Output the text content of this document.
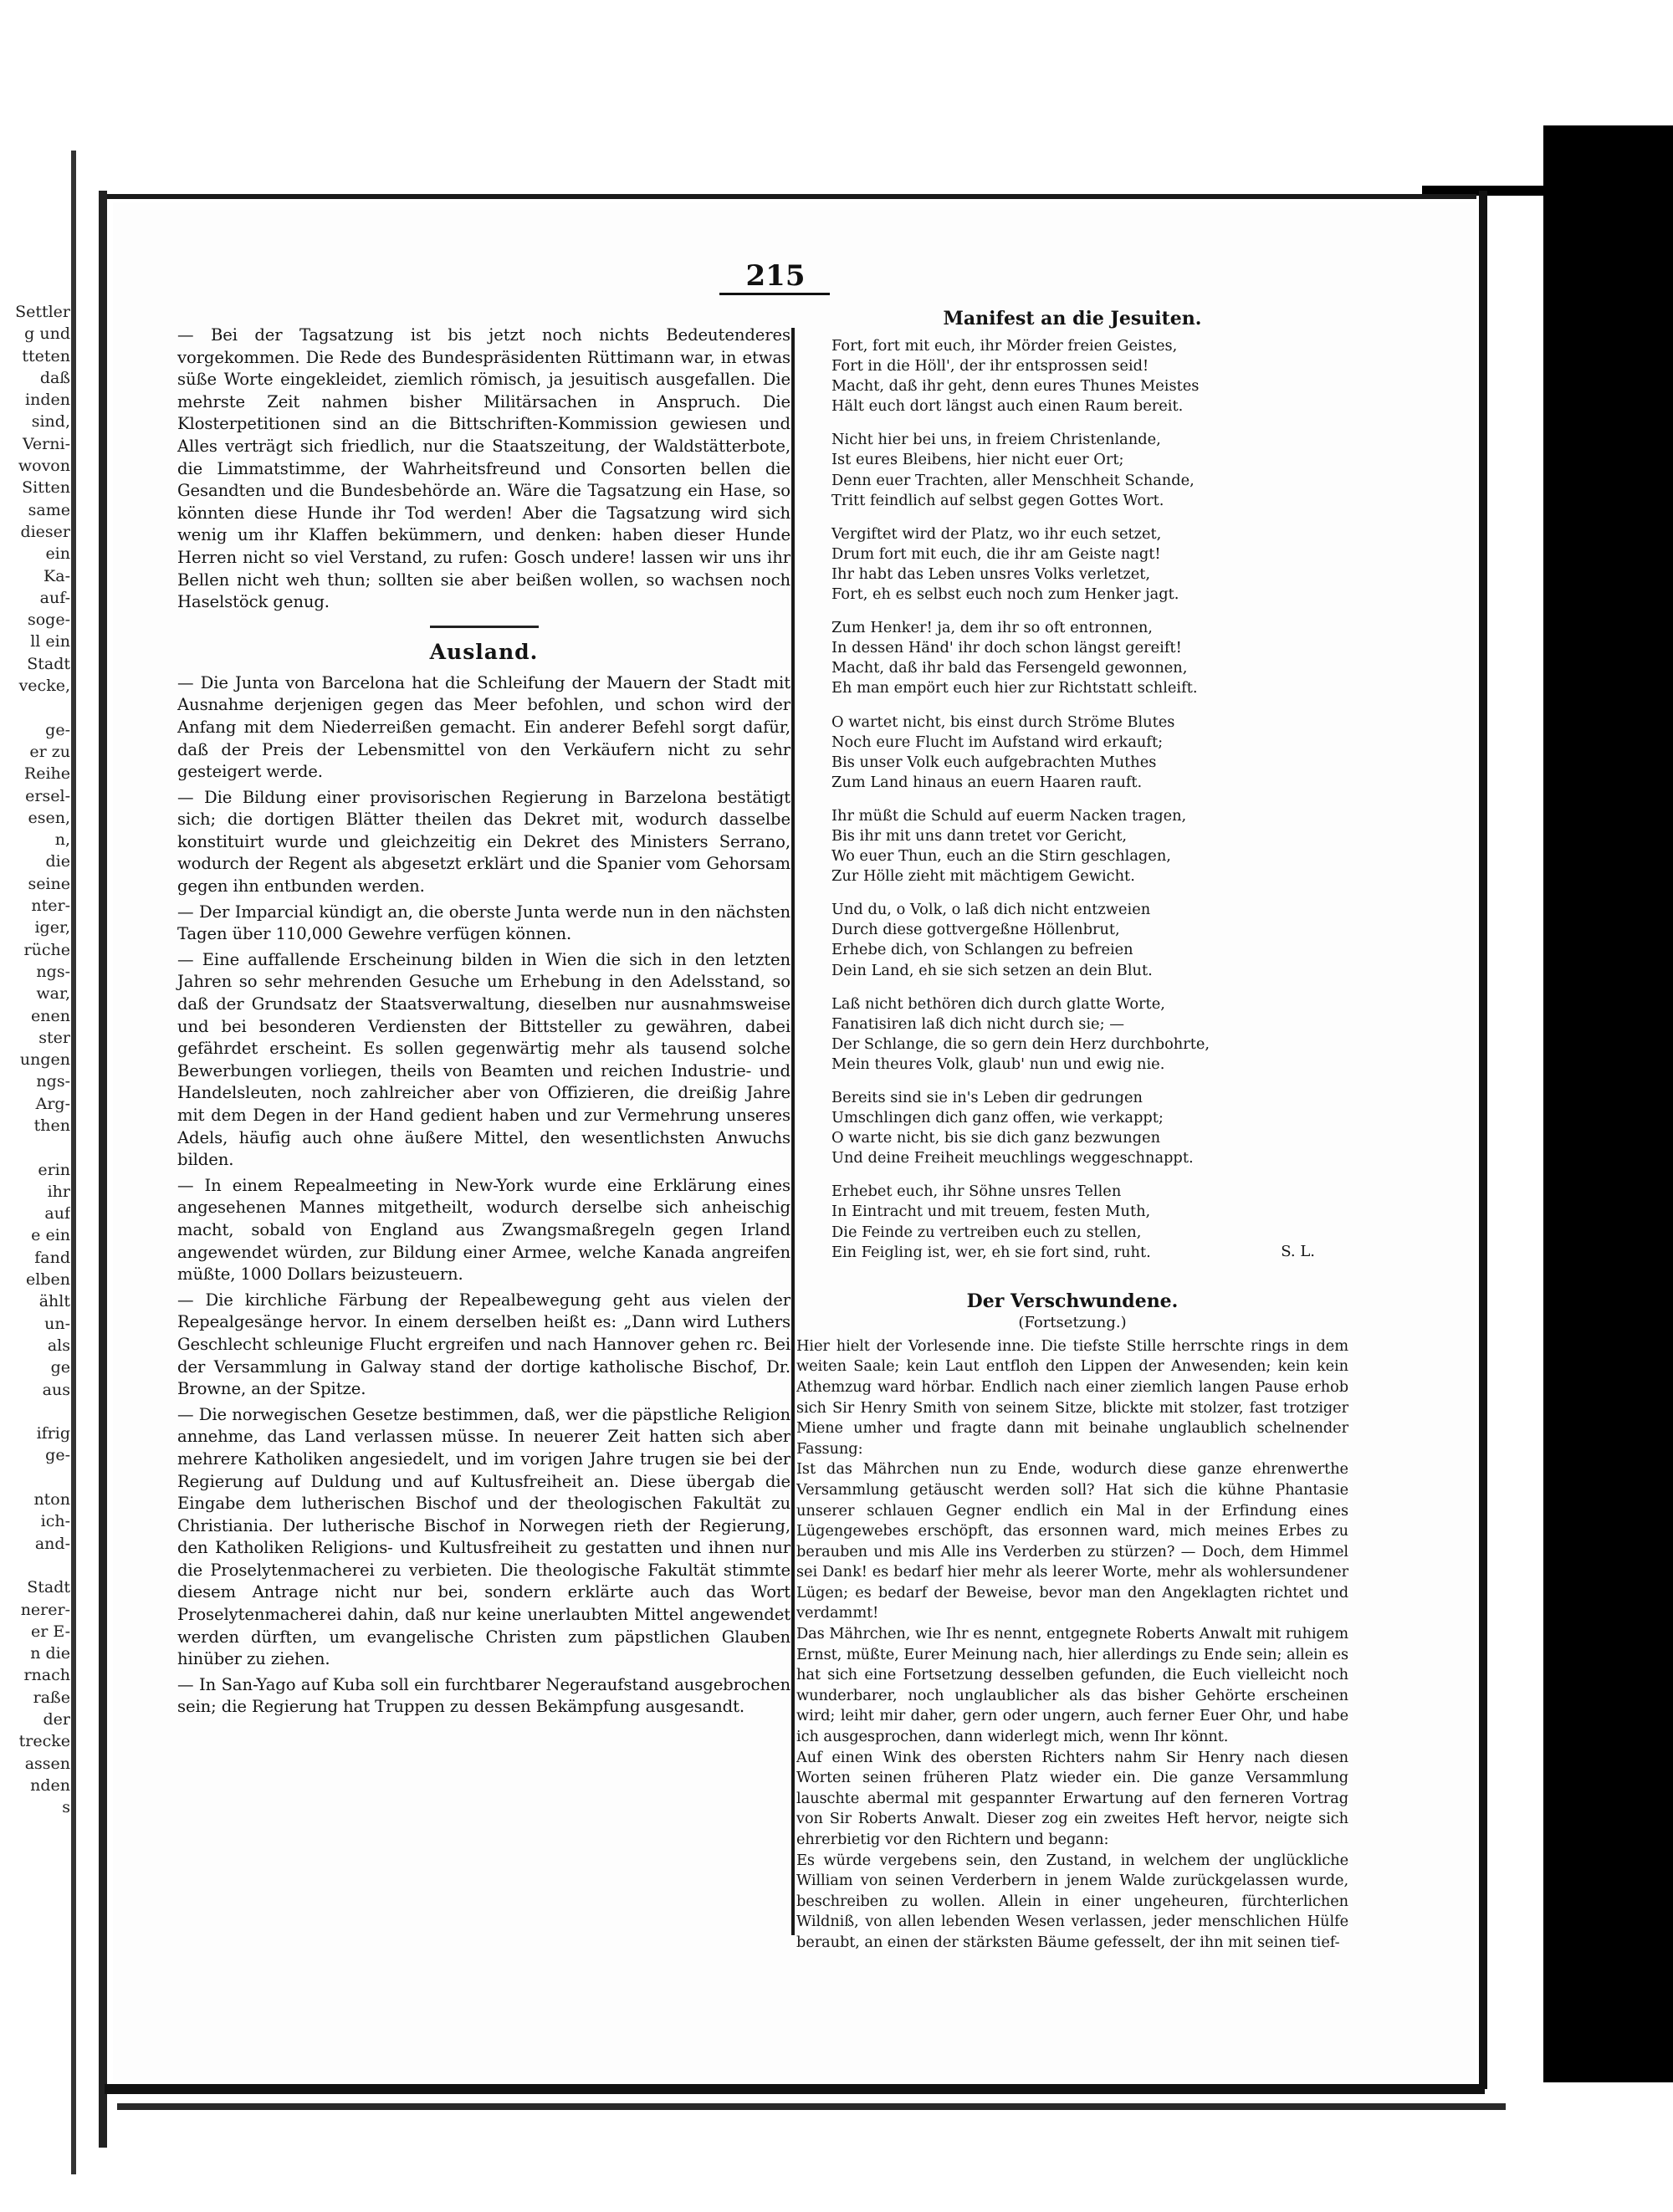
Settler
g und
tteten
daß
inden
sind,
Verni-
wovon
Sitten
same
dieser
ein
Ka-
auf-
soge-
ll ein
Stadt
vecke,
ge-
er zu
Reihe
ersel-
esen,
n,
die
seine
nter-
iger,
rüche
ngs-
war,
enen
ster
ungen
ngs-
Arg-
then
erin
ihr
auf
e ein
fand
elben
ählt
un-
als
ge
aus
ifrig
ge-
nton
ich-
and-
Stadt
nerer-
er E-
n die
rnach
raße
der
trecke
assen
nden
s
215

— Bei der Tagsatzung ist bis jetzt noch nichts Bedeutenderes vorgekommen. Die Rede des Bundespräsidenten Rüttimann war, in etwas süße Worte eingekleidet, ziemlich römisch, ja jesuitisch ausgefallen. Die mehrste Zeit nahmen bisher Militärsachen in Anspruch. Die Klosterpetitionen sind an die Bittschriften-Kommission gewiesen und Alles verträgt sich friedlich, nur die Staatszeitung, der Waldstätterbote, die Limmatstimme, der Wahrheitsfreund und Consorten bellen die Gesandten und die Bundesbehörde an. Wäre die Tagsatzung ein Hase, so könnten diese Hunde ihr Tod werden! Aber die Tagsatzung wird sich wenig um ihr Klaffen bekümmern, und denken: haben dieser Hunde Herren nicht so viel Verstand, zu rufen: Gosch undere! lassen wir uns ihr Bellen nicht weh thun; sollten sie aber beißen wollen, so wachsen noch Haselstöck genug.

Ausland.

— Die Junta von Barcelona hat die Schleifung der Mauern der Stadt mit Ausnahme derjenigen gegen das Meer befohlen, und schon wird der Anfang mit dem Niederreißen gemacht. Ein anderer Befehl sorgt dafür, daß der Preis der Lebensmittel von den Verkäufern nicht zu sehr gesteigert werde.

— Die Bildung einer provisorischen Regierung in Barzelona bestätigt sich; die dortigen Blätter theilen das Dekret mit, wodurch dasselbe konstituirt wurde und gleichzeitig ein Dekret des Ministers Serrano, wodurch der Regent als abgesetzt erklärt und die Spanier vom Gehorsam gegen ihn entbunden werden.

— Der Imparcial kündigt an, die oberste Junta werde nun in den nächsten Tagen über 110,000 Gewehre verfügen können.

— Eine auffallende Erscheinung bilden in Wien die sich in den letzten Jahren so sehr mehrenden Gesuche um Erhebung in den Adelsstand, so daß der Grundsatz der Staatsverwaltung, dieselben nur ausnahmsweise und bei besonderen Verdiensten der Bittsteller zu gewähren, dabei gefährdet erscheint. Es sollen gegenwärtig mehr als tausend solche Bewerbungen vorliegen, theils von Beamten und reichen Industrie- und Handelsleuten, noch zahlreicher aber von Offizieren, die dreißig Jahre mit dem Degen in der Hand gedient haben und zur Vermehrung unseres Adels, häufig auch ohne äußere Mittel, den wesentlichsten Anwuchs bilden.

— In einem Repealmeeting in New-York wurde eine Erklärung eines angesehenen Mannes mitgetheilt, wodurch derselbe sich anheischig macht, sobald von England aus Zwangsmaßregeln gegen Irland angewendet würden, zur Bildung einer Armee, welche Kanada angreifen müßte, 1000 Dollars beizusteuern.

— Die kirchliche Färbung der Repealbewegung geht aus vielen der Repealgesänge hervor. In einem derselben heißt es: „Dann wird Luthers Geschlecht schleunige Flucht ergreifen und nach Hannover gehen rc. Bei der Versammlung in Galway stand der dortige katholische Bischof, Dr. Browne, an der Spitze.

— Die norwegischen Gesetze bestimmen, daß, wer die päpstliche Religion annehme, das Land verlassen müsse. In neuerer Zeit hatten sich aber mehrere Katholiken angesiedelt, und im vorigen Jahre trugen sie bei der Regierung auf Duldung und auf Kultusfreiheit an. Diese übergab die Eingabe dem lutherischen Bischof und der theologischen Fakultät zu Christiania. Der lutherische Bischof in Norwegen rieth der Regierung, den Katholiken Religions- und Kultusfreiheit zu gestatten und ihnen nur die Proselytenmacherei zu verbieten. Die theologische Fakultät stimmte diesem Antrage nicht nur bei, sondern erklärte auch das Wort Proselytenmacherei dahin, daß nur keine unerlaubten Mittel angewendet werden dürften, um evangelische Christen zum päpstlichen Glauben hinüber zu ziehen.

— In San-Yago auf Kuba soll ein furchtbarer Negeraufstand ausgebrochen sein; die Regierung hat Truppen zu dessen Bekämpfung ausgesandt.

Manifest an die Jesuiten.
Fort, fort mit euch, ihr Mörder freien Geistes,
Fort in die Höll', der ihr entsprossen seid!
Macht, daß ihr geht, denn eures Thunes Meistes
Hält euch dort längst auch einen Raum bereit.
Nicht hier bei uns, in freiem Christenlande,
Ist eures Bleibens, hier nicht euer Ort;
Denn euer Trachten, aller Menschheit Schande,
Tritt feindlich auf selbst gegen Gottes Wort.
Vergiftet wird der Platz, wo ihr euch setzet,
Drum fort mit euch, die ihr am Geiste nagt!
Ihr habt das Leben unsres Volks verletzet,
Fort, eh es selbst euch noch zum Henker jagt.
Zum Henker! ja, dem ihr so oft entronnen,
In dessen Händ' ihr doch schon längst gereift!
Macht, daß ihr bald das Fersengeld gewonnen,
Eh man empört euch hier zur Richtstatt schleift.
O wartet nicht, bis einst durch Ströme Blutes
Noch eure Flucht im Aufstand wird erkauft;
Bis unser Volk euch aufgebrachten Muthes
Zum Land hinaus an euern Haaren rauft.
Ihr müßt die Schuld auf euerm Nacken tragen,
Bis ihr mit uns dann tretet vor Gericht,
Wo euer Thun, euch an die Stirn geschlagen,
Zur Hölle zieht mit mächtigem Gewicht.
Und du, o Volk, o laß dich nicht entzweien
Durch diese gottvergeßne Höllenbrut,
Erhebe dich, von Schlangen zu befreien
Dein Land, eh sie sich setzen an dein Blut.
Laß nicht bethören dich durch glatte Worte,
Fanatisiren laß dich nicht durch sie; —
Der Schlange, die so gern dein Herz durchbohrte,
Mein theures Volk, glaub' nun und ewig nie.
Bereits sind sie in's Leben dir gedrungen
Umschlingen dich ganz offen, wie verkappt;
O warte nicht, bis sie dich ganz bezwungen
Und deine Freiheit meuchlings weggeschnappt.
Erhebet euch, ihr Söhne unsres Tellen
In Eintracht und mit treuem, festen Muth,
Die Feinde zu vertreiben euch zu stellen,
Ein Feigling ist, wer, eh sie fort sind, ruht.	S. L.
Der Verschwundene.
(Fortsetzung.)

Hier hielt der Vorlesende inne. Die tiefste Stille herrschte rings in dem weiten Saale; kein Laut entfloh den Lippen der Anwesenden; kein kein Athemzug ward hörbar. Endlich nach einer ziemlich langen Pause erhob sich Sir Henry Smith von seinem Sitze, blickte mit stolzer, fast trotziger Miene umher und fragte dann mit beinahe unglaublich schelnender Fassung:

Ist das Mährchen nun zu Ende, wodurch diese ganze ehrenwerthe Versammlung getäuscht werden soll? Hat sich die kühne Phantasie unserer schlauen Gegner endlich ein Mal in der Erfindung eines Lügengewebes erschöpft, das ersonnen ward, mich meines Erbes zu berauben und mis Alle ins Verderben zu stürzen? — Doch, dem Himmel sei Dank! es bedarf hier mehr als leerer Worte, mehr als wohlersundener Lügen; es bedarf der Beweise, bevor man den Angeklagten richtet und verdammt!

Das Mährchen, wie Ihr es nennt, entgegnete Roberts Anwalt mit ruhigem Ernst, müßte, Eurer Meinung nach, hier allerdings zu Ende sein; allein es hat sich eine Fortsetzung desselben gefunden, die Euch vielleicht noch wunderbarer, noch unglaublicher als das bisher Gehörte erscheinen wird; leiht mir daher, gern oder ungern, auch ferner Euer Ohr, und habe ich ausgesprochen, dann widerlegt mich, wenn Ihr könnt.

Auf einen Wink des obersten Richters nahm Sir Henry nach diesen Worten seinen früheren Platz wieder ein. Die ganze Versammlung lauschte abermal mit gespannter Erwartung auf den ferneren Vortrag von Sir Roberts Anwalt. Dieser zog ein zweites Heft hervor, neigte sich ehrerbietig vor den Richtern und begann:

Es würde vergebens sein, den Zustand, in welchem der unglückliche William von seinen Verderbern in jenem Walde zurückgelassen wurde, beschreiben zu wollen. Allein in einer ungeheuren, fürchterlichen Wildniß, von allen lebenden Wesen verlassen, jeder menschlichen Hülfe beraubt, an einen der stärksten Bäume gefesselt, der ihn mit seinen tief-
